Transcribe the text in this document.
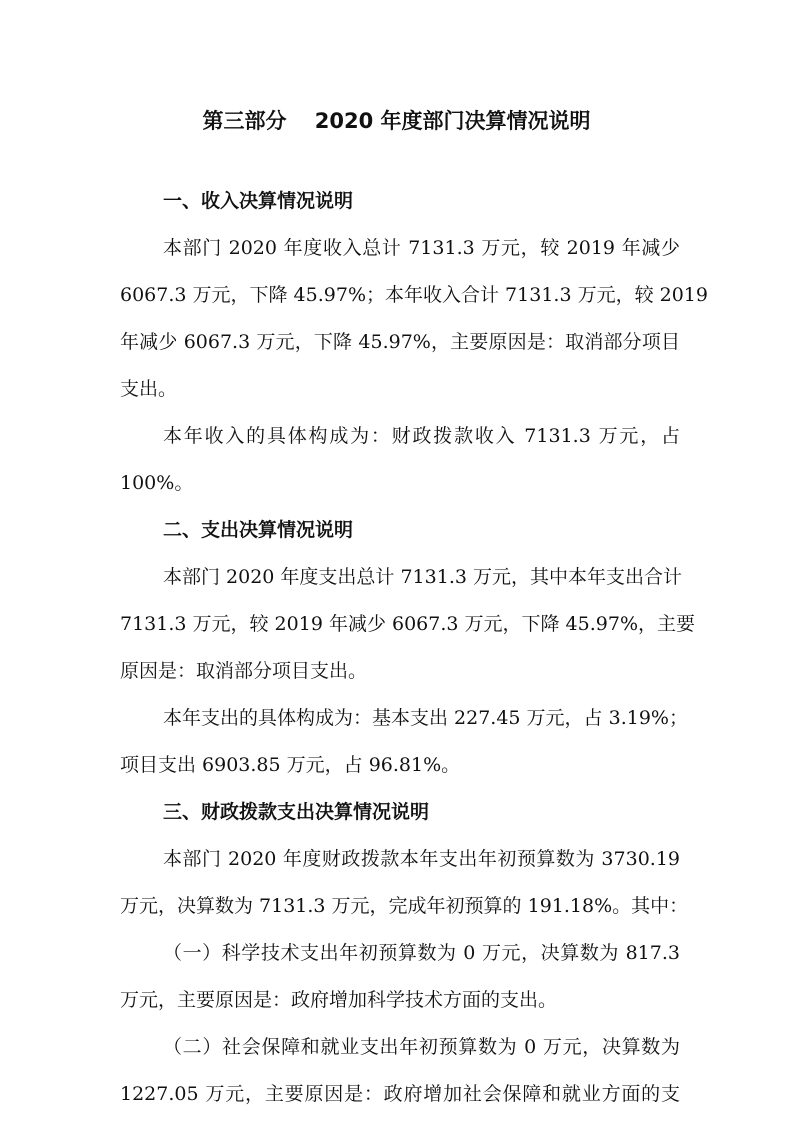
第三部分　 2020 年度部门决算情况说明
一、收入决算情况说明
本部门 2020 年度收入总计 7131.3 万元，较 2019 年减少
6067.3 万元，下降 45.97%；本年收入合计 7131.3 万元，较 2019
年减少 6067.3 万元，下降 45.97%，主要原因是：取消部分项目
支出。
本年收入的具体构成为：财政拨款收入 7131.3 万元，占
100%。
二、支出决算情况说明
本部门 2020 年度支出总计 7131.3 万元，其中本年支出合计
7131.3 万元，较 2019 年减少 6067.3 万元，下降 45.97%，主要
原因是：取消部分项目支出。
本年支出的具体构成为：基本支出 227.45 万元，占 3.19%；
项目支出 6903.85 万元，占 96.81%。
三、财政拨款支出决算情况说明
本部门 2020 年度财政拨款本年支出年初预算数为 3730.19
万元，决算数为 7131.3 万元，完成年初预算的 191.18%。其中：
（一）科学技术支出年初预算数为 0 万元，决算数为 817.3
万元，主要原因是：政府增加科学技术方面的支出。
（二）社会保障和就业支出年初预算数为 0 万元，决算数为
1227.05 万元，主要原因是：政府增加社会保障和就业方面的支
